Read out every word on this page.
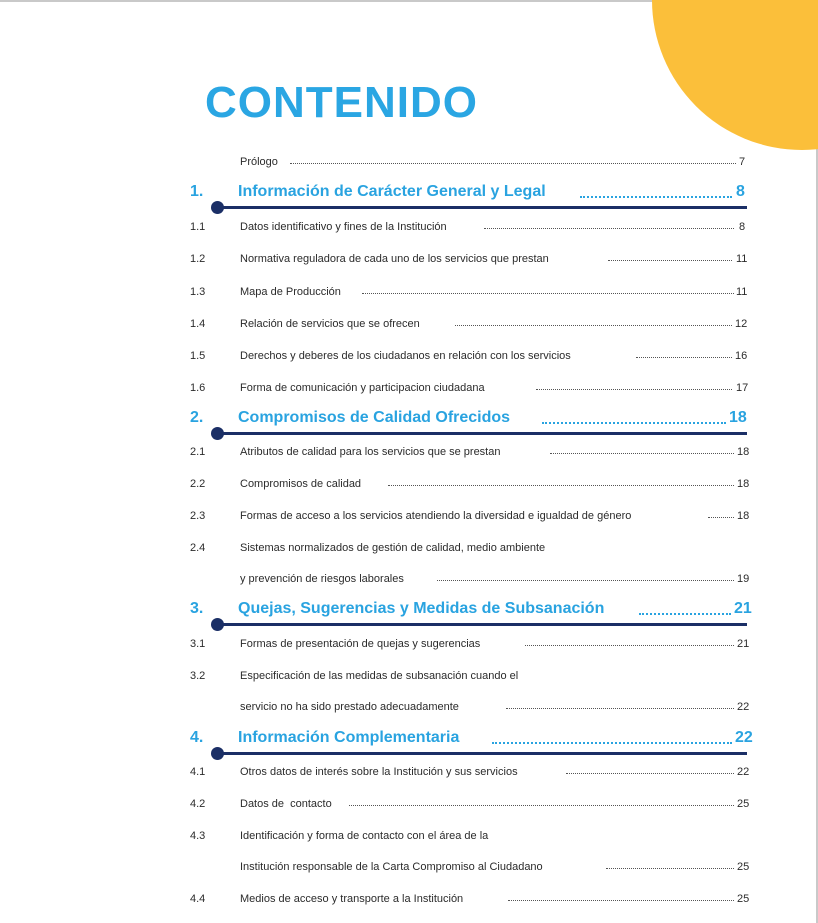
CONTENIDO
Prólogo	7
1. Información de Carácter General y Legal	8
1.1	Datos identificativo y fines de la Institución	8
1.2	Normativa reguladora de cada uno de los servicios que prestan	11
1.3	Mapa de Producción	11
1.4	Relación de servicios que se ofrecen	12
1.5	Derechos y deberes de los ciudadanos en relación con los servicios	16
1.6	Forma de comunicación y participacion ciudadana	17
2. Compromisos de Calidad Ofrecidos	18
2.1	Atributos de calidad para los servicios que se prestan	18
2.2	Compromisos de calidad	18
2.3	Formas de acceso a los servicios atendiendo la diversidad e igualdad de género	18
2.4	Sistemas normalizados de gestión de calidad, medio ambiente
y prevención de riesgos laborales	19
3. Quejas, Sugerencias y Medidas de Subsanación	21
3.1	Formas de presentación de quejas y sugerencias	21
3.2	Especificación de las medidas de subsanación cuando el
servicio no ha sido prestado adecuadamente	22
4. Información Complementaria	22
4.1	Otros datos de interés sobre la Institución y sus servicios	22
4.2	Datos de  contacto	25
4.3	Identificación y forma de contacto con el área de la
Institución responsable de la Carta Compromiso al Ciudadano	25
4.4	Medios de acceso y transporte a la Institución	25
